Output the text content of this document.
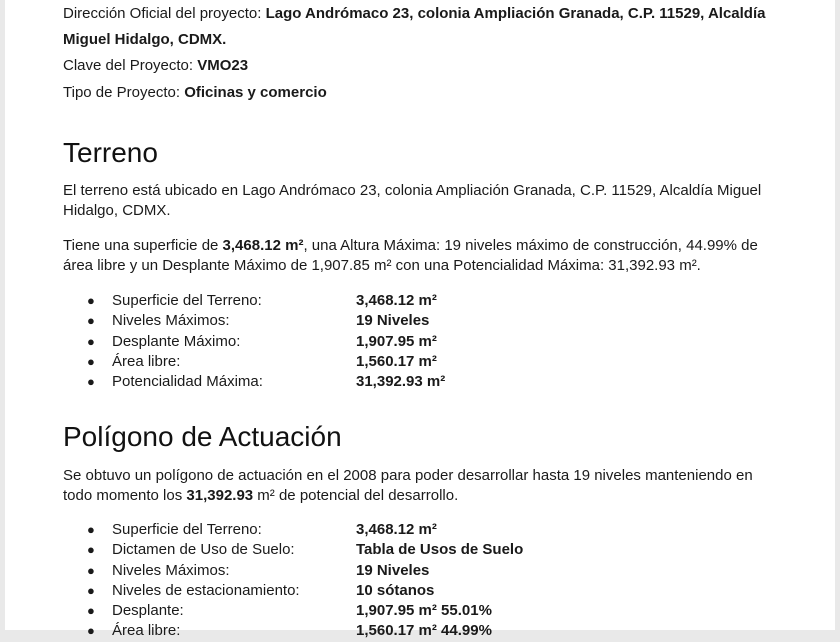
Dirección Oficial del proyecto: Lago Andrómaco 23, colonia Ampliación Granada, C.P. 11529, Alcaldía
Miguel Hidalgo, CDMX.

Clave del Proyecto: VMO23

Tipo de Proyecto: Oficinas y comercio

Terreno

El terreno está ubicado en Lago Andrómaco 23, colonia Ampliación Granada, C.P. 11529, Alcaldía Miguel Hidalgo, CDMX.

Tiene una superficie de 3,468.12 m², una Altura Máxima: 19 niveles máximo de construcción, 44.99% de área libre y un Desplante Máximo de 1,907.85 m² con una Potencialidad Máxima: 31,392.93 m².

● Superficie del Terreno:	3,468.12 m²
● Niveles Máximos:	19 Niveles
● Desplante Máximo:	1,907.95 m²
● Área libre:	1,560.17 m²
● Potencialidad Máxima:	31,392.93 m²
Polígono de Actuación

Se obtuvo un polígono de actuación en el 2008 para poder desarrollar hasta 19 niveles manteniendo en todo momento los 31,392.93 m² de potencial del desarrollo.

● Superficie del Terreno:	3,468.12 m²
● Dictamen de Uso de Suelo:	Tabla de Usos de Suelo
● Niveles Máximos:	19 Niveles
● Niveles de estacionamiento:	10 sótanos
● Desplante:	1,907.95 m² 55.01%
● Área libre:	1,560.17 m² 44.99%
